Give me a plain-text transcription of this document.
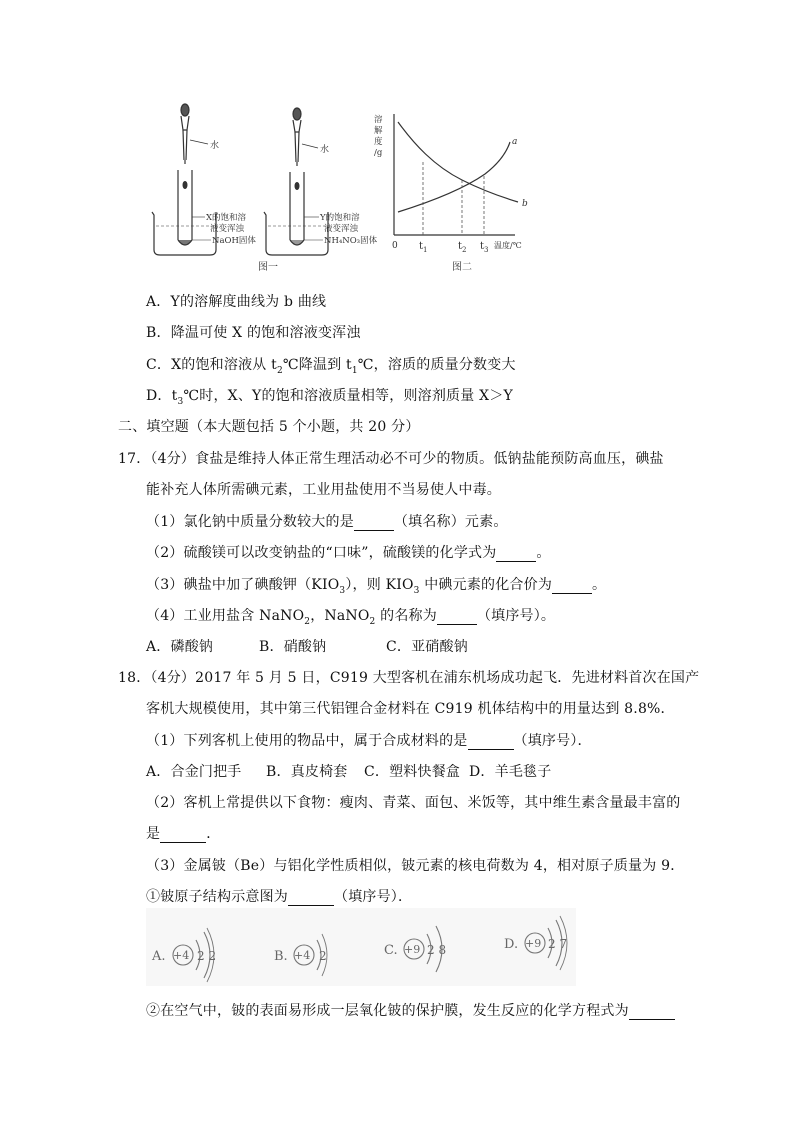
水
X的饱和溶
液变浑浊
NaOH固体
水
Y的饱和溶
液变浑浊
NH₄NO₃固体
图一
溶
解
度
/g
a
b
0 $t_1$	$t_2$ $t_3$ 温度/℃
图二
A．Y的溶解度曲线为 b 曲线
B．降温可使 X 的饱和溶液变浑浊
C．X的饱和溶液从 $t_2℃$降温到 $t_1℃$，溶质的质量分数变大
D．$t_3℃$时，X、Y的饱和溶液质量相等，则溶剂质量 X＞Y
二、填空题（本大题包括 5 个小题，共 20 分）
17．（4分）食盐是维持人体正常生理活动必不可少的物质。低钠盐能预防高血压，碘盐
能补充人体所需碘元素，工业用盐使用不当易使人中毒。
（1）氯化钠中质量分数较大的是	（填名称）元素。
（2）硫酸镁可以改变钠盐的“口味”，硫酸镁的化学式为	。
（3）碘盐中加了碘酸钾$(KIO_3)$，则 $KIO_3$ 中碘元素的化合价为	。
（4）工业用盐含 NaNO$_2$，NaNO$_2$ 的名称为	（填序号）。
A．磷酸钠	B．硝酸钠	C．亚硝酸钠
18．（4分）2017 年 5 月 5 日，C919 大型客机在浦东机场成功起飞．先进材料首次在国产
客机大规模使用，其中第三代铝锂合金材料在 C919 机体结构中的用量达到 8.8%．
（1）下列客机上使用的物品中，属于合成材料的是	（填序号）．
A．合金门把手 B．真皮椅套 C．塑料快餐盒 D．羊毛毯子
（2）客机上常提供以下食物：瘦肉、青菜、面包、米饭等，其中维生素含量最丰富的
是	．
（3）金属铍（Be）与铝化学性质相似，铍元素的核电荷数为 4，相对原子质量为 9．
①铍原子结构示意图为	（填序号）．
A. +4 2 2	B. +4 2	C. +9 2 8	D. +9 2 7
②在空气中，铍的表面易形成一层氧化铍的保护膜，发生反应的化学方程式为
